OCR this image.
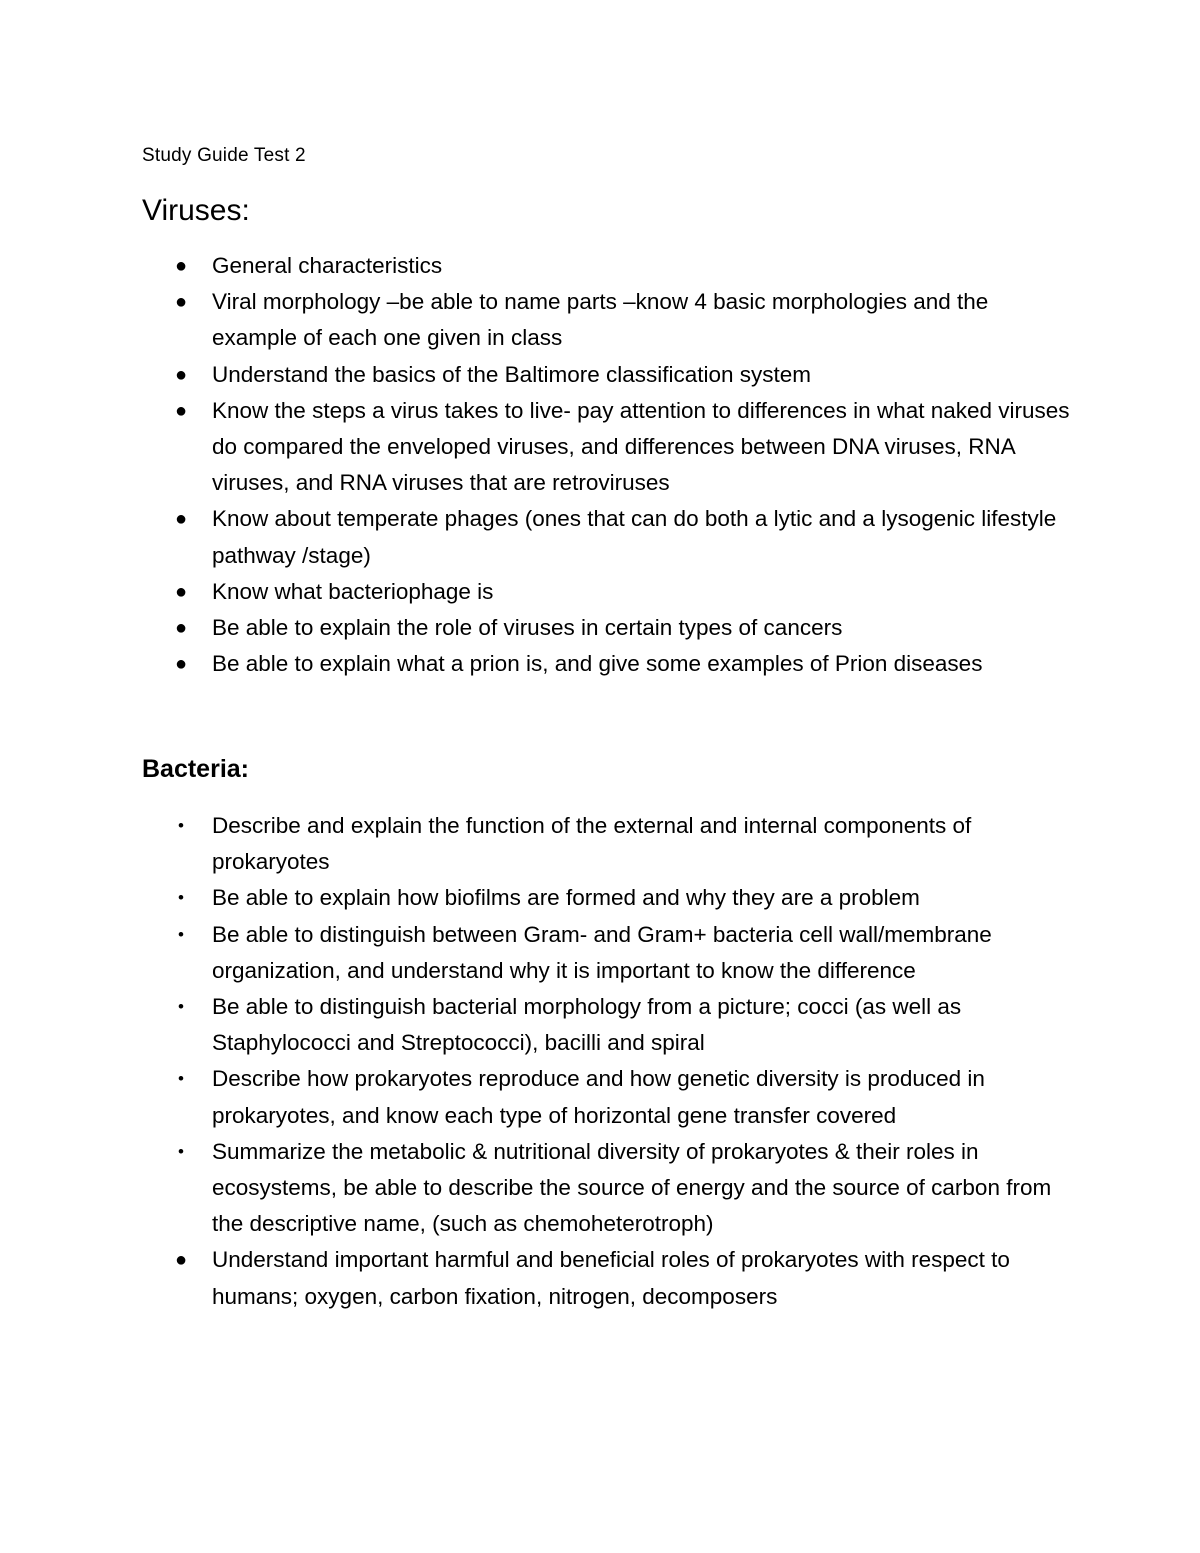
Study Guide Test 2
Viruses:
● General characteristics
● Viral morphology –be able to name parts –know 4 basic morphologies and the example of each one given in class
● Understand the basics of the Baltimore classification system
● Know the steps a virus takes to live- pay attention to differences in what naked viruses do compared the enveloped viruses, and differences between DNA viruses, RNA viruses, and RNA viruses that are retroviruses
● Know about temperate phages (ones that can do both a lytic and a lysogenic lifestyle pathway /stage)
● Know what bacteriophage is
● Be able to explain the role of viruses in certain types of cancers
● Be able to explain what a prion is, and give some examples of Prion diseases
Bacteria:
• Describe and explain the function of the external and internal components of prokaryotes
• Be able to explain how biofilms are formed and why they are a problem
• Be able to distinguish between Gram- and Gram+ bacteria cell wall/membrane organization, and understand why it is important to know the difference
• Be able to distinguish bacterial morphology from a picture; cocci (as well as Staphylococci and Streptococci), bacilli and spiral
• Describe how prokaryotes reproduce and how genetic diversity is produced in prokaryotes, and know each type of horizontal gene transfer covered
• Summarize the metabolic & nutritional diversity of prokaryotes & their roles in ecosystems, be able to describe the source of energy and the source of carbon from the descriptive name, (such as chemoheterotroph)
● Understand important harmful and beneficial roles of prokaryotes with respect to humans; oxygen, carbon fixation, nitrogen, decomposers
